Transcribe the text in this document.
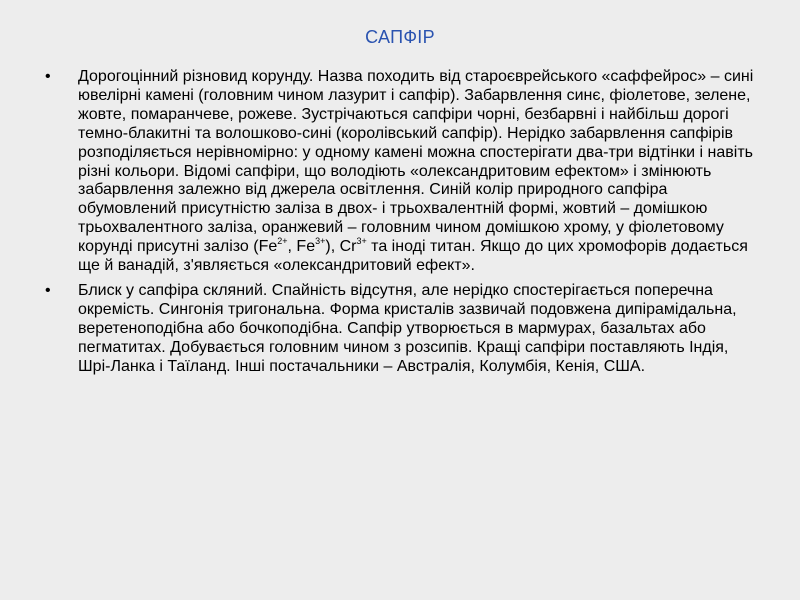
САПФІР
• Дорогоцінний різновид корунду. Назва походить від староєврейського «саффейрос» – сині ювелірні камені (головним чином лазурит і сапфір). Забарвлення синє, фіолетове, зелене, жовте, помаранчеве, рожеве. Зустрічаються сапфіри чорні, безбарвні і найбільш дорогі темно-блакитні та волошково-сині (королівський сапфір). Нерідко забарвлення сапфірів розподіляється нерівномірно: у одному камені можна спостерігати два-три відтінки і навіть різні кольори. Відомі сапфіри, що володіють «олександритовим ефектом» і змінюють забарвлення залежно від джерела освітлення. Синій колір природного сапфіра обумовлений присутністю заліза в двох- і трьохвалентній формі, жовтий – домішкою трьохвалентного заліза, оранжевий – головним чином домішкою хрому, у фіолетовому корунді присутні залізо ($Fe^{2+}$, $Fe^{3+}$), $Cr^{3+}$ та іноді титан. Якщо до цих хромофорів додається ще й ванадій, з'являється «олександритовий ефект».
• Блиск у сапфіра скляний. Спайність відсутня, але нерідко спостерігається поперечна окремість. Сингонія тригональна. Форма кристалів зазвичай подовжена дипірамідальна, веретеноподібна або бочкоподібна. Сапфір утворюється в мармурах, базальтах або пегматитах. Добувається головним чином з розсипів. Кращі сапфіри поставляють Індія, Шрі-Ланка і Таїланд. Інші постачальники – Австралія, Колумбія, Кенія, США.
